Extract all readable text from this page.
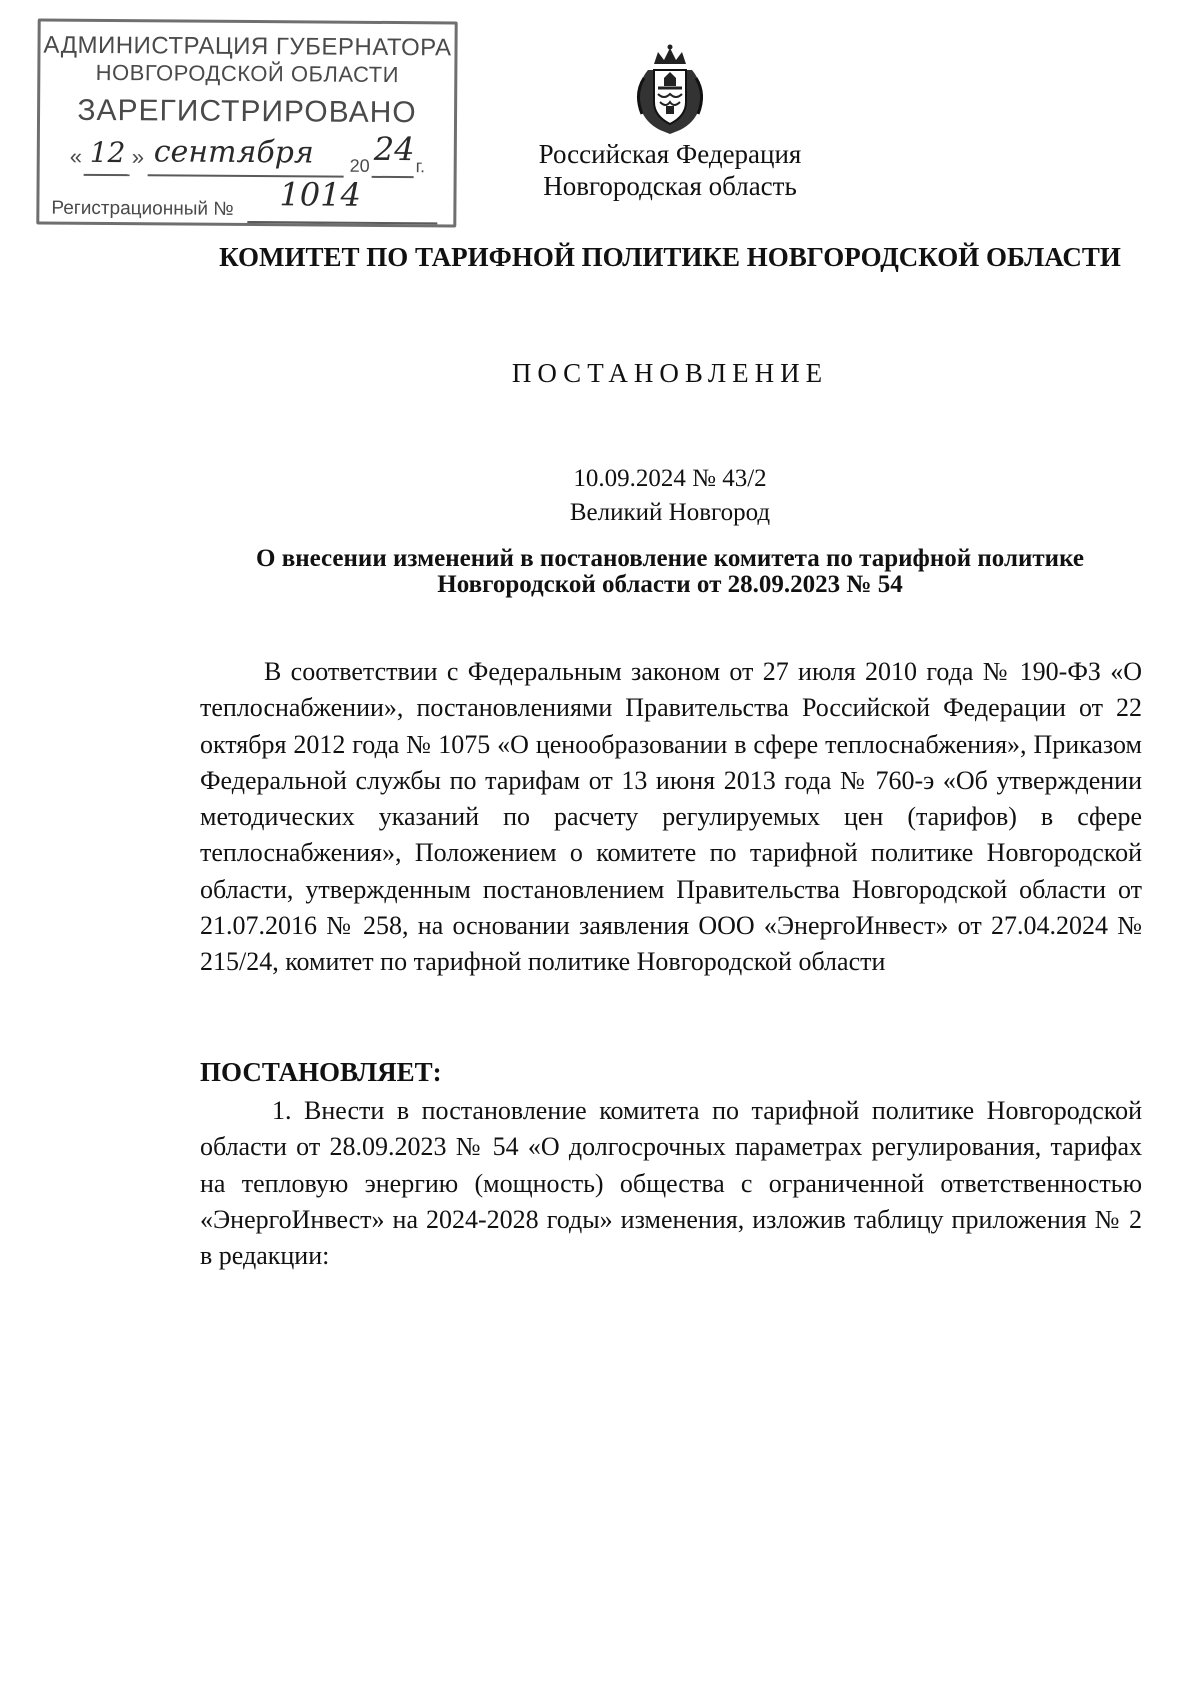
АДМИНИСТРАЦИЯ ГУБЕРНАТОРА
НОВГОРОДСКОЙ ОБЛАСТИ
ЗАРЕГИСТРИРОВАНО
« 12 » сентября 20 24 г.
Регистрационный № 1014
Российская Федерация
Новгородская область
КОМИТЕТ ПО ТАРИФНОЙ ПОЛИТИКЕ НОВГОРОДСКОЙ ОБЛАСТИ
ПОСТАНОВЛЕНИЕ
10.09.2024 № 43/2
Великий Новгород
О внесении изменений в постановление комитета по тарифной политике
Новгородской области от 28.09.2023 № 54

В соответствии с Федеральным законом от 27 июля 2010 года № 190-ФЗ «О теплоснабжении», постановлениями Правительства Российской Федерации от 22 октября 2012 года № 1075 «О ценообразовании в сфере теплоснабжения», Приказом Федеральной службы по тарифам от 13 июня 2013 года № 760-э «Об утверждении методических указаний по расчету регулируемых цен (тарифов) в сфере теплоснабжения», Положением о комитете по тарифной политике Новгородской области, утвержденным постановлением Правительства Новгородской области от 21.07.2016 № 258, на основании заявления ООО «ЭнергоИнвест» от 27.04.2024 № 215/24, комитет по тарифной политике Новгородской области

ПОСТАНОВЛЯЕТ:

1. Внести в постановление комитета по тарифной политике Новгородской области от 28.09.2023 № 54 «О долгосрочных параметрах регулирования, тарифах на тепловую энергию (мощность) общества с ограниченной ответственностью «ЭнергоИнвест» на 2024-2028 годы» изменения, изложив таблицу приложения № 2 в редакции:
